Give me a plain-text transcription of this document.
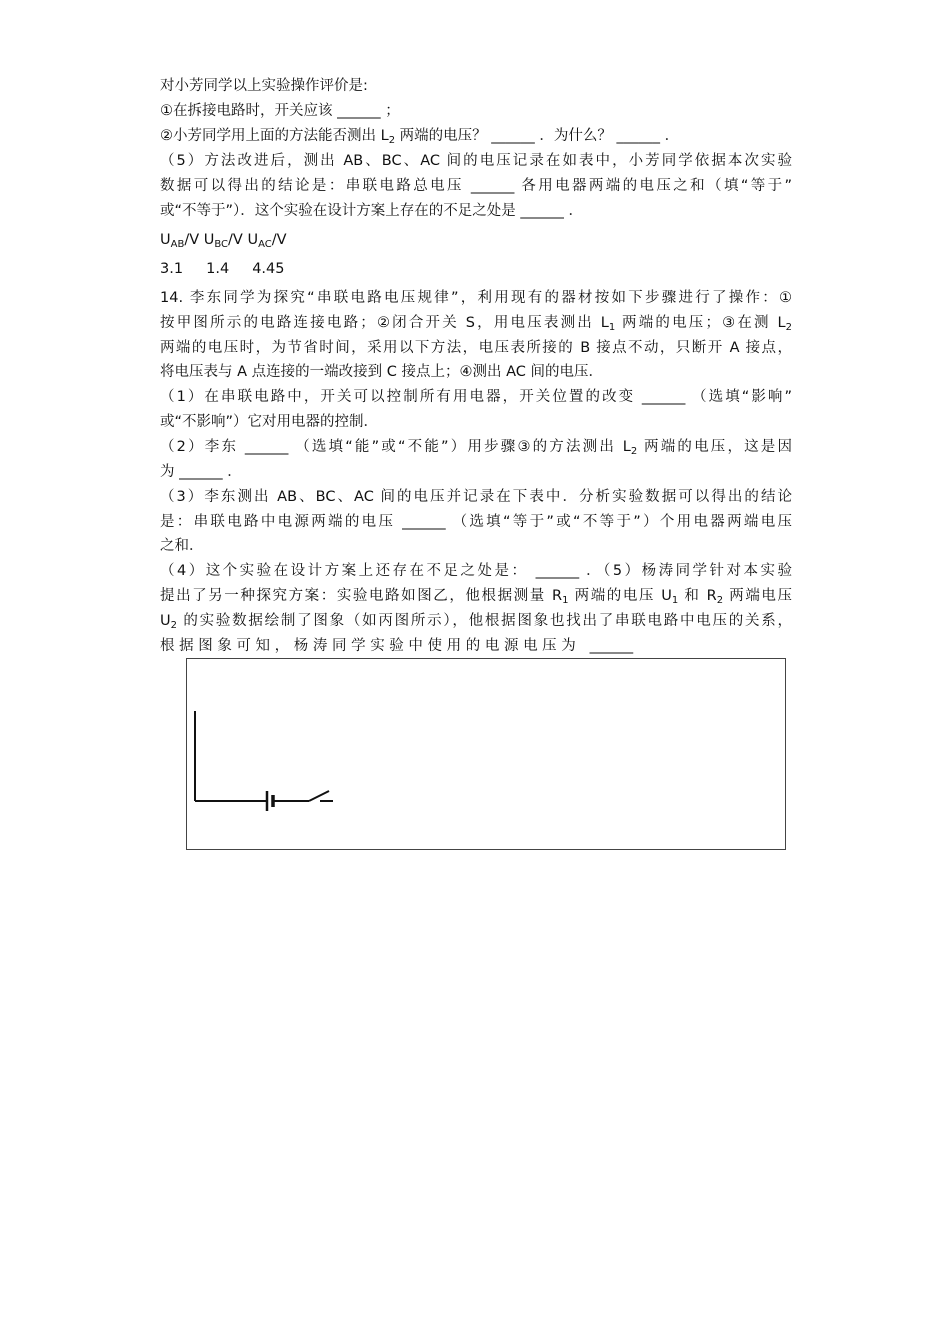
对小芳同学以上实验操作评价是:
①在拆接电路时，开关应该 ______ ；
②小芳同学用上面的方法能否测出 $L_2$ 两端的电压？ ______ ．为什么？ ______ ．
（5）方法改进后，测出 AB、BC、AC 间的电压记录在如表中，小芳同学依据本次实验
数据可以得出的结论是：串联电路总电压 ______ 各用电器两端的电压之和（填“等于”
或“不等于”）．这个实验在设计方案上存在的不足之处是 ______ ．
$U_{AB}/V$ $U_{BC}/V$ $U_{AC}/V$
3.1     1.4     4.45
14. 李东同学为探究“串联电路电压规律”，利用现有的器材按如下步骤进行了操作：①
按甲图所示的电路连接电路；②闭合开关 S，用电压表测出 $L_1$ 两端的电压；③在测 $L_2$
两端的电压时，为节省时间，采用以下方法，电压表所接的 B 接点不动，只断开 A 接点，
将电压表与 A 点连接的一端改接到 C 接点上；④测出 AC 间的电压．
（1）在串联电路中，开关可以控制所有用电器，开关位置的改变 ______ （选填“影响”
或“不影响”）它对用电器的控制．
（2）李东 ______ （选填“能”或“不能”）用步骤③的方法测出 $L_2$ 两端的电压，这是因
为 ______ ．
（3）李东测出 AB、BC、AC 间的电压并记录在下表中．分析实验数据可以得出的结论
是：串联电路中电源两端的电压 ______ （选填“等于”或“不等于”）个用电器两端电压
之和．
（4）这个实验在设计方案上还存在不足之处是： ______ ．（5）杨涛同学针对本实验
提出了另一种探究方案：实验电路如图乙，他根据测量 $R_1$ 两端的电压 $U_1$ 和 $R_2$ 两端电压
$U_2$ 的实验数据绘制了图象（如丙图所示），他根据图象也找出了串联电路中电压的关系，
根 据 图 象 可 知 ， 杨 涛 同 学 实 验 中 使 用 的 电 源 电 压 为   ______
